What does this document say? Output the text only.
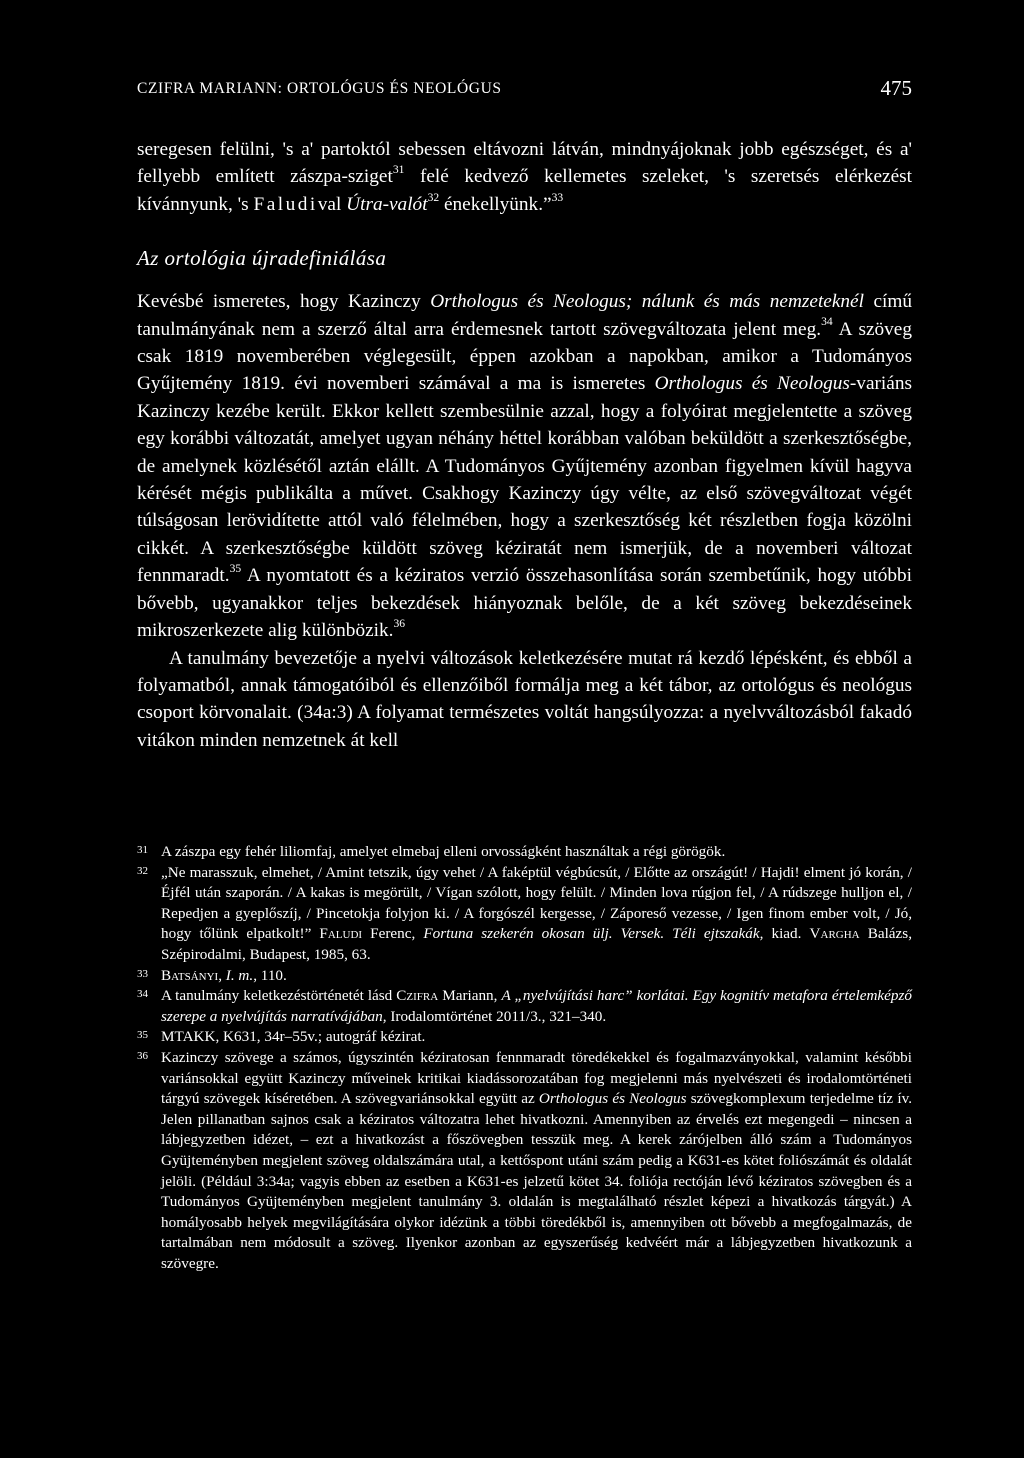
CZIFRA MARIANN: ORTOLÓGUS ÉS NEOLÓGUS	475

seregesen felülni, 's a' partoktól sebessen eltávozni látván, mindnyájoknak jobb egészséget, és a' fellyebb említett zászpa-sziget$^{31}$ felé kedvező kellemetes szeleket, 's szeretsés elérkezést kívánnyunk, 's Faludival Útra-valót$^{32}$ énekellyünk.”$^{33}$

Az ortológia újradefiniálása

Kevésbé ismeretes, hogy Kazinczy Orthologus és Neologus; nálunk és más nemzeteknél című tanulmányának nem a szerző által arra érdemesnek tartott szövegváltozata jelent meg.$^{34}$ A szöveg csak 1819 novemberében véglegesült, éppen azokban a napokban, amikor a Tudományos Gyűjtemény 1819. évi novemberi számával a ma is ismeretes Orthologus és Neologus-variáns Kazinczy kezébe került. Ekkor kellett szembesülnie azzal, hogy a folyóirat megjelentette a szöveg egy korábbi változatát, amelyet ugyan néhány héttel korábban valóban beküldött a szerkesztőségbe, de amelynek közlésétől aztán elállt. A Tudományos Gyűjtemény azonban figyelmen kívül hagyva kérését mégis publikálta a művet. Csakhogy Kazinczy úgy vélte, az első szövegváltozat végét túlságosan lerövidítette attól való félelmében, hogy a szerkesztőség két részletben fogja közölni cikkét. A szerkesztőségbe küldött szöveg kéziratát nem ismerjük, de a novemberi változat fennmaradt.$^{35}$ A nyomtatott és a kéziratos verzió összehasonlítása során szembetűnik, hogy utóbbi bővebb, ugyanakkor teljes bekezdések hiányoznak belőle, de a két szöveg bekezdéseinek mikroszerkezete alig különbözik.$^{36}$

A tanulmány bevezetője a nyelvi változások keletkezésére mutat rá kezdő lépésként, és ebből a folyamatból, annak támogatóiból és ellenzőiből formálja meg a két tábor, az ortológus és neológus csoport körvonalait. (34a:3) A folyamat természetes voltát hangsúlyozza: a nyelvváltozásból fakadó vitákon minden nemzetnek át kell

31 A zászpa egy fehér liliomfaj, amelyet elmebaj elleni orvosságként használtak a régi görögök.
32 „Ne marasszuk, elmehet, / Amint tetszik, úgy vehet / A faképtül végbúcsút, / Előtte az országút! / Hajdi! elment jó korán, / Éjfél után szaporán. / A kakas is megörült, / Vígan szólott, hogy felült. / Minden lova rúgjon fel, / A rúdszege hulljon el, / Repedjen a gyeplőszíj, / Pincetokja folyjon ki. / A forgószél kergesse, / Záporeső vezesse, / Igen finom ember volt, / Jó, hogy tőlünk elpatkolt!” Faludi Ferenc, Fortuna szekerén okosan ülj. Versek. Téli ejtszakák, kiad. Vargha Balázs, Szépirodalmi, Budapest, 1985, 63.
33 Batsányi, I. m., 110.
34 A tanulmány keletkezéstörténetét lásd Czifra Mariann, A „nyelvújítási harc” korlátai. Egy kognitív metafora értelemképző szerepe a nyelvújítás narratívájában, Irodalomtörténet 2011/3., 321–340.
35 MTAKK, K631, 34r–55v.; autográf kézirat.
36 Kazinczy szövege a számos, úgyszintén kéziratosan fennmaradt töredékekkel és fogalmazványokkal, valamint későbbi variánsokkal együtt Kazinczy műveinek kritikai kiadássorozatában fog megjelenni más nyelvészeti és irodalomtörténeti tárgyú szövegek kíséretében. A szövegvariánsokkal együtt az Orthologus és Neologus szövegkomplexum terjedelme tíz ív. Jelen pillanatban sajnos csak a kéziratos változatra lehet hivatkozni. Amennyiben az érvelés ezt megengedi – nincsen a lábjegyzetben idézet, – ezt a hivatkozást a főszövegben tesszük meg. A kerek zárójelben álló szám a Tudományos Gyüjteményben megjelent szöveg oldalszámára utal, a kettőspont utáni szám pedig a K631-es kötet foliószámát és oldalát jelöli. (Például 3:34a; vagyis ebben az esetben a K631-es jelzetű kötet 34. foliója rectóján lévő kéziratos szövegben és a Tudományos Gyüjteményben megjelent tanulmány 3. oldalán is megtalálható részlet képezi a hivatkozás tárgyát.) A homályosabb helyek megvilágítására olykor idézünk a többi töredékből is, amennyiben ott bővebb a megfogalmazás, de tartalmában nem módosult a szöveg. Ilyenkor azonban az egyszerűség kedvéért már a lábjegyzetben hivatkozunk a szövegre.
